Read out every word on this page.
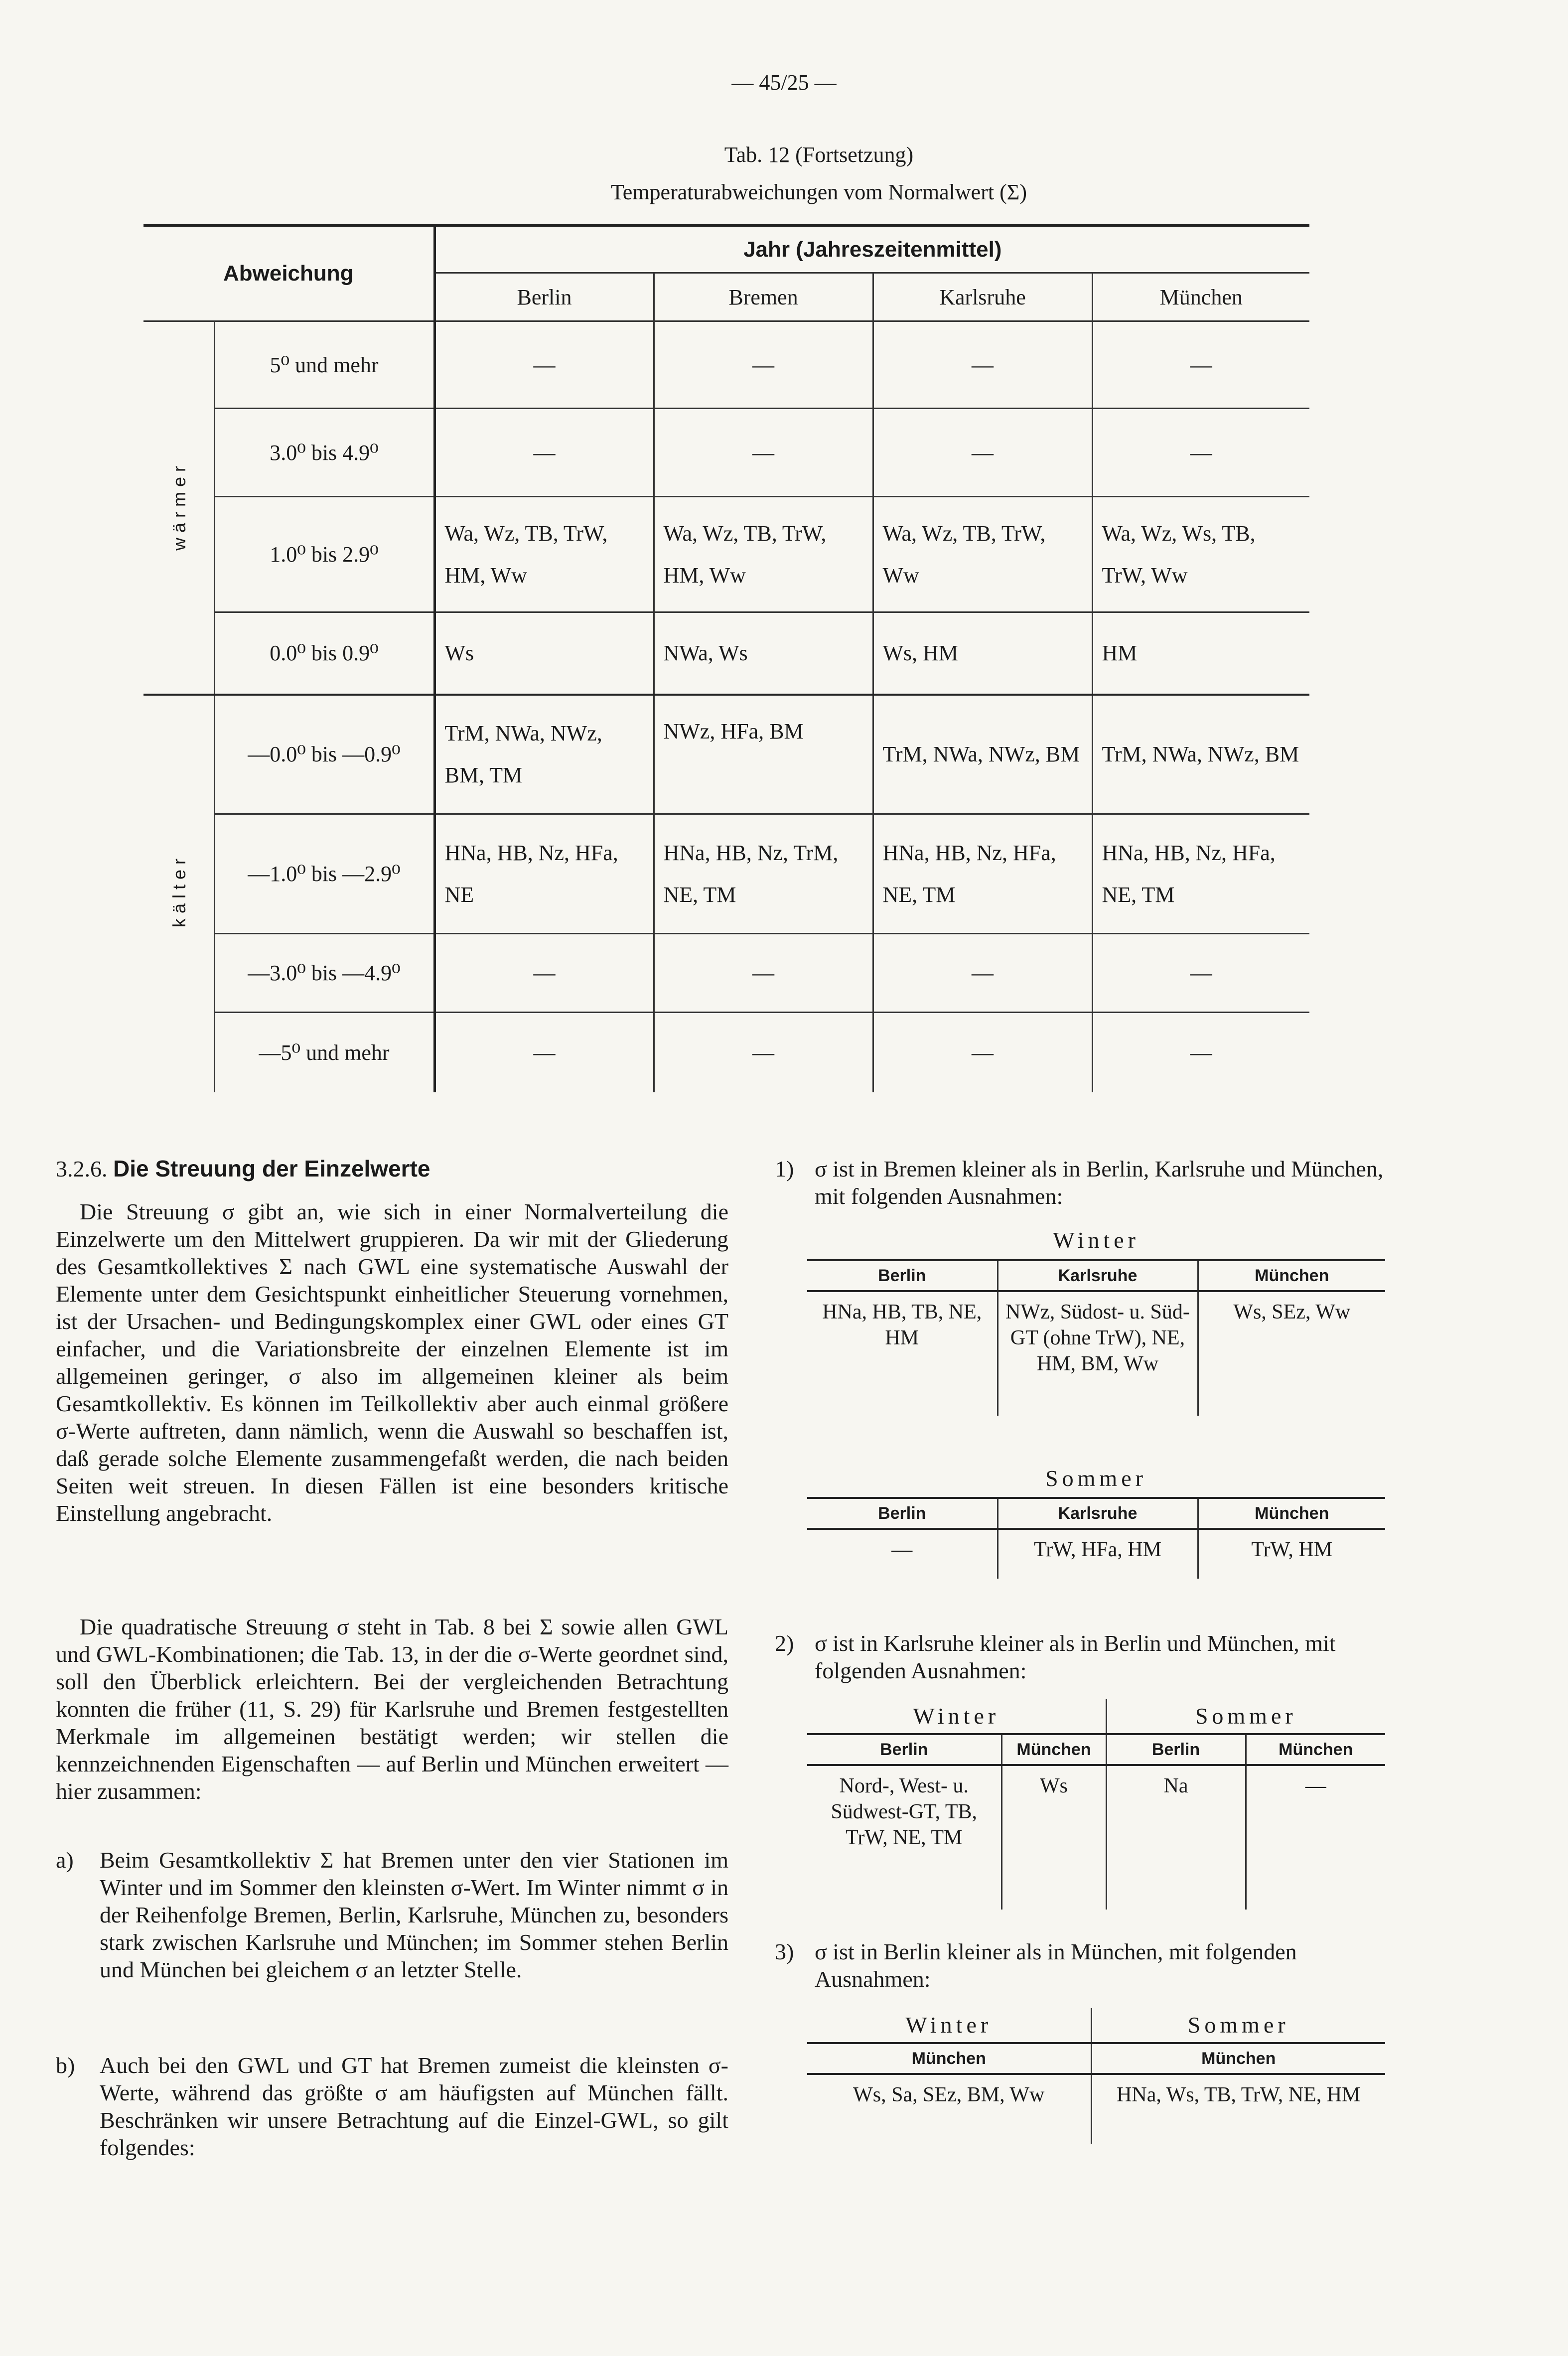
— 45/25 —
Tab. 12 (Fortsetzung)
Temperaturabweichungen vom Normalwert (Σ)
Abweichung		Jahr (Jahreszeitenmittel)			
		Berlin	Bremen	Karlsruhe	München
w ä r m e r	5⁰ und mehr	—	—	—	—
	3.0⁰ bis 4.9⁰	—	—	—	—
	1.0⁰ bis 2.9⁰	Wa, Wz, TB, TrW, HM, Ww	Wa, Wz, TB, TrW, HM, Ww	Wa, Wz, TB, TrW, Ww	Wa, Wz, Ws, TB, TrW, Ww
	0.0⁰ bis 0.9⁰	Ws	NWa, Ws	Ws, HM	HM
k ä l t e r	—0.0⁰ bis —0.9⁰	TrM, NWa, NWz, BM, TM	NWz, HFa, BM	TrM, NWa, NWz, BM	TrM, NWa, NWz, BM
	—1.0⁰ bis —2.9⁰	HNa, HB, Nz, HFa, NE	HNa, HB, Nz, TrM, NE, TM	HNa, HB, Nz, HFa, NE, TM	HNa, HB, Nz, HFa, NE, TM
	—3.0⁰ bis —4.9⁰	—	—	—	—
	—5⁰ und mehr	—	—	—	—
3.2.6. Die Streuung der Einzelwerte
Die Streuung σ gibt an, wie sich in einer Normalverteilung die Einzelwerte um den Mittelwert gruppieren. Da wir mit der Gliederung des Gesamtkollektives Σ nach GWL eine systematische Auswahl der Elemente unter dem Gesichtspunkt einheitlicher Steuerung vornehmen, ist der Ursachen- und Bedingungskomplex einer GWL oder eines GT einfacher, und die Variationsbreite der einzelnen Elemente ist im allgemeinen geringer, σ also im allgemeinen kleiner als beim Gesamtkollektiv. Es können im Teilkollektiv aber auch einmal größere σ-Werte auftreten, dann nämlich, wenn die Auswahl so beschaffen ist, daß gerade solche Elemente zusammengefaßt werden, die nach beiden Seiten weit streuen. In diesen Fällen ist eine besonders kritische Einstellung angebracht.
Die quadratische Streuung σ steht in Tab. 8 bei Σ sowie allen GWL und GWL-Kombinationen; die Tab. 13, in der die σ-Werte geordnet sind, soll den Überblick erleichtern. Bei der vergleichenden Betrachtung konnten die früher (11, S. 29) für Karlsruhe und Bremen festgestellten Merkmale im allgemeinen bestätigt werden; wir stellen die kennzeichnenden Eigenschaften — auf Berlin und München erweitert — hier zusammen:
a) Beim Gesamtkollektiv Σ hat Bremen unter den vier Stationen im Winter und im Sommer den kleinsten σ-Wert. Im Winter nimmt σ in der Reihenfolge Bremen, Berlin, Karlsruhe, München zu, besonders stark zwischen Karlsruhe und München; im Sommer stehen Berlin und München bei gleichem σ an letzter Stelle.
b) Auch bei den GWL und GT hat Bremen zumeist die kleinsten σ-Werte, während das größte σ am häufigsten auf München fällt. Beschränken wir unsere Betrachtung auf die Einzel-GWL, so gilt folgendes:
1) σ ist in Bremen kleiner als in Berlin, Karlsruhe und München, mit folgenden Ausnahmen:
Winter
Berlin	Karlsruhe	München
HNa, HB, TB, NE, HM	NWz, Südost- u. Süd-GT (ohne TrW), NE, HM, BM, Ww	Ws, SEz, Ww
Sommer
Berlin	Karlsruhe	München
—	TrW, HFa, HM	TrW, HM
2) σ ist in Karlsruhe kleiner als in Berlin und München, mit folgenden Ausnahmen:
Winter		Sommer	
Berlin	München	Berlin	München
Nord-, West- u. Südwest-GT, TB, TrW, NE, TM	Ws	Na	—
3) σ ist in Berlin kleiner als in München, mit folgenden Ausnahmen:
Winter	Sommer
München	München
Ws, Sa, SEz, BM, Ww	HNa, Ws, TB, TrW, NE, HM
